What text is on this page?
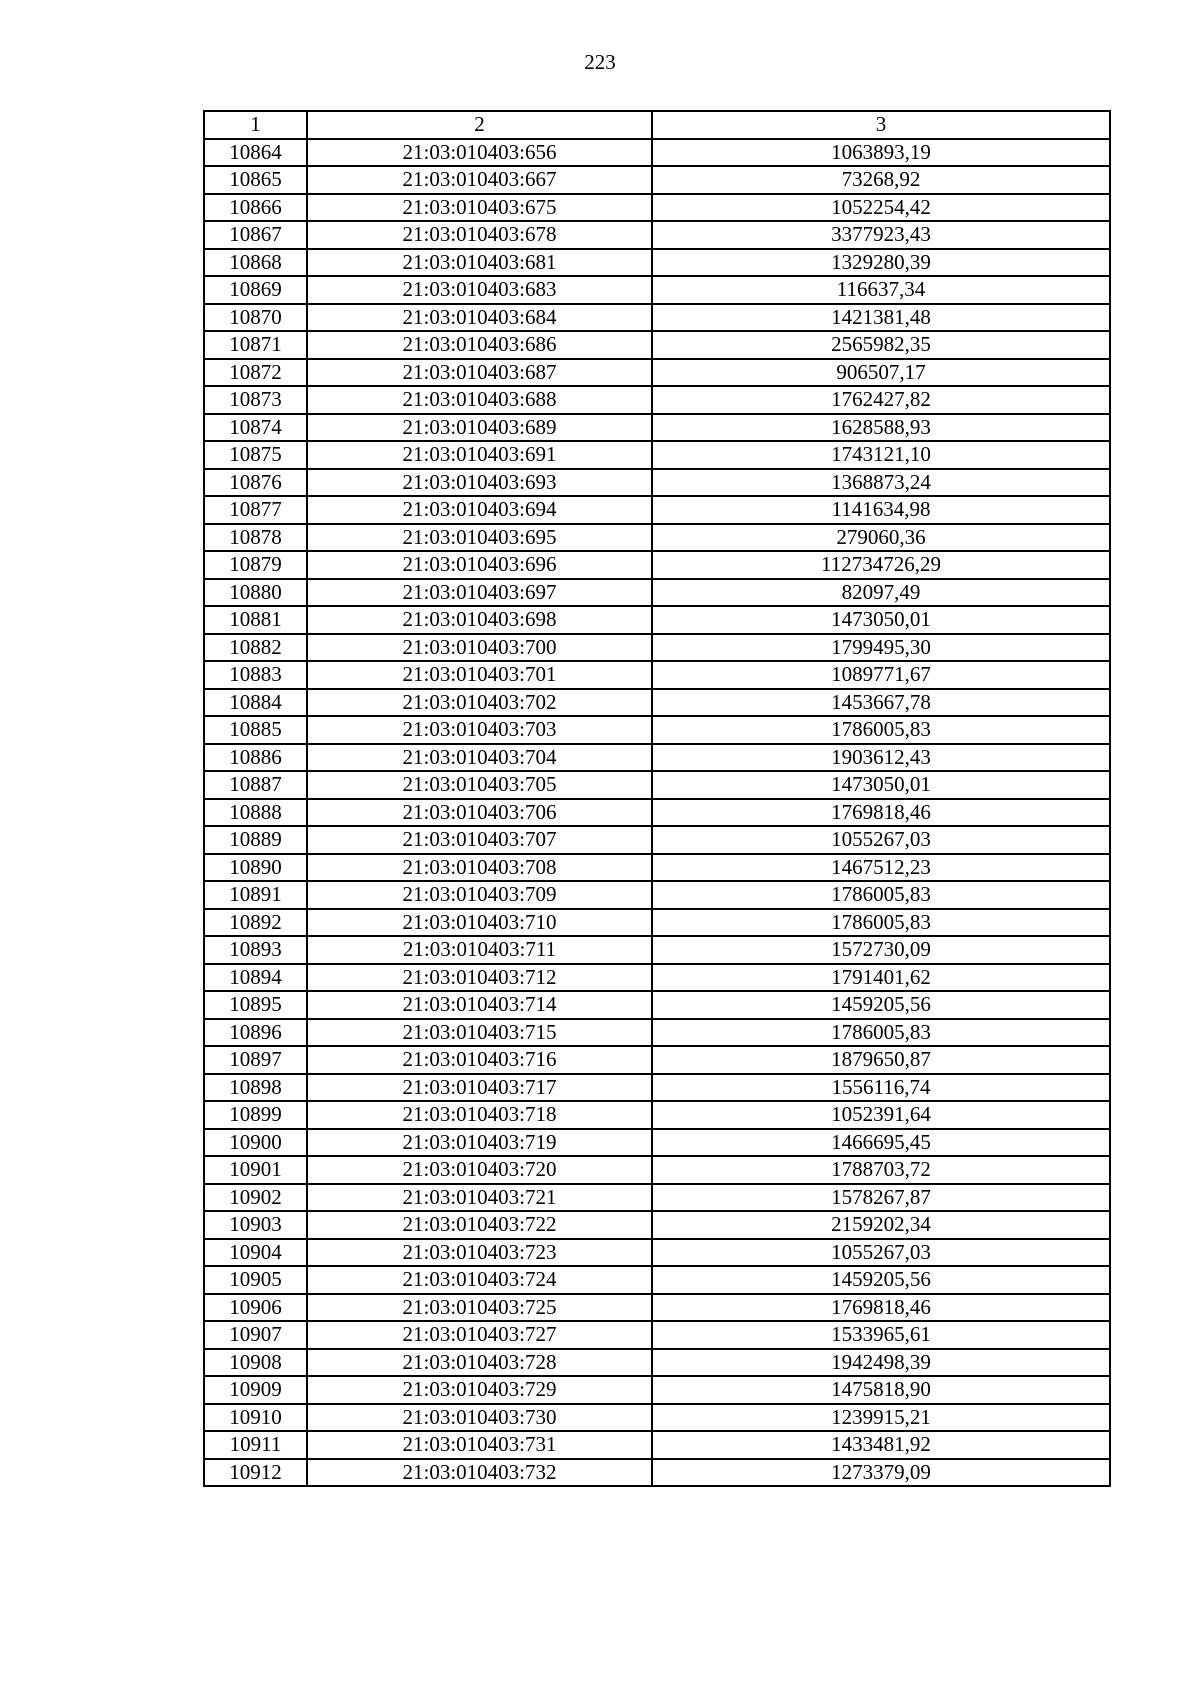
223
1	2	3
10864	21:03:010403:656	1063893,19
10865	21:03:010403:667	73268,92
10866	21:03:010403:675	1052254,42
10867	21:03:010403:678	3377923,43
10868	21:03:010403:681	1329280,39
10869	21:03:010403:683	116637,34
10870	21:03:010403:684	1421381,48
10871	21:03:010403:686	2565982,35
10872	21:03:010403:687	906507,17
10873	21:03:010403:688	1762427,82
10874	21:03:010403:689	1628588,93
10875	21:03:010403:691	1743121,10
10876	21:03:010403:693	1368873,24
10877	21:03:010403:694	1141634,98
10878	21:03:010403:695	279060,36
10879	21:03:010403:696	112734726,29
10880	21:03:010403:697	82097,49
10881	21:03:010403:698	1473050,01
10882	21:03:010403:700	1799495,30
10883	21:03:010403:701	1089771,67
10884	21:03:010403:702	1453667,78
10885	21:03:010403:703	1786005,83
10886	21:03:010403:704	1903612,43
10887	21:03:010403:705	1473050,01
10888	21:03:010403:706	1769818,46
10889	21:03:010403:707	1055267,03
10890	21:03:010403:708	1467512,23
10891	21:03:010403:709	1786005,83
10892	21:03:010403:710	1786005,83
10893	21:03:010403:711	1572730,09
10894	21:03:010403:712	1791401,62
10895	21:03:010403:714	1459205,56
10896	21:03:010403:715	1786005,83
10897	21:03:010403:716	1879650,87
10898	21:03:010403:717	1556116,74
10899	21:03:010403:718	1052391,64
10900	21:03:010403:719	1466695,45
10901	21:03:010403:720	1788703,72
10902	21:03:010403:721	1578267,87
10903	21:03:010403:722	2159202,34
10904	21:03:010403:723	1055267,03
10905	21:03:010403:724	1459205,56
10906	21:03:010403:725	1769818,46
10907	21:03:010403:727	1533965,61
10908	21:03:010403:728	1942498,39
10909	21:03:010403:729	1475818,90
10910	21:03:010403:730	1239915,21
10911	21:03:010403:731	1433481,92
10912	21:03:010403:732	1273379,09
